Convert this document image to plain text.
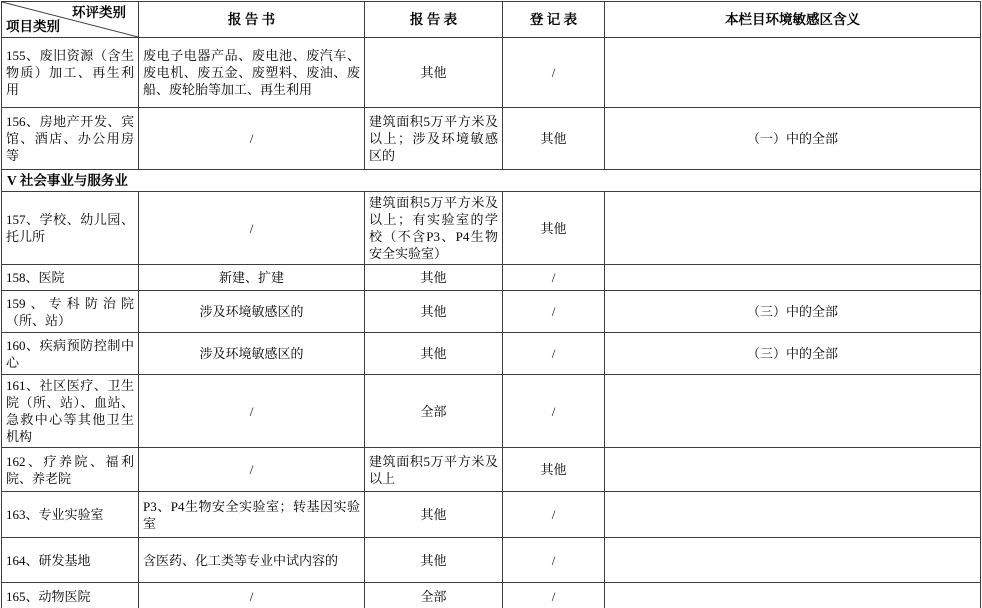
环评类别
项目类别	报 告 书	报 告 表	登 记 表	本栏目环境敏感区含义
155、废旧资源（含生物质）加工、再生利用	废电子电器产品、废电池、废汽车、废电机、废五金、废塑料、废油、废船、废轮胎等加工、再生利用	其他	/	
156、房地产开发、宾馆、酒店、办公用房等	/	建筑面积5万平方米及以上；涉及环境敏感区的	其他	（一）中的全部
V 社会事业与服务业				
157、学校、幼儿园、托儿所	/	建筑面积5万平方米及以上；有实验室的学校（不含P3、P4生物安全实验室）	其他	
158、医院	新建、扩建	其他	/	
159、专科防治院（所、站）	涉及环境敏感区的	其他	/	（三）中的全部
160、疾病预防控制中心	涉及环境敏感区的	其他	/	（三）中的全部
161、社区医疗、卫生院（所、站）、血站、急救中心等其他卫生机构	/	全部	/	
162、疗养院、福利院、养老院	/	建筑面积5万平方米及以上	其他	
163、专业实验室	P3、P4生物安全实验室；转基因实验室	其他	/	
164、研发基地	含医药、化工类等专业中试内容的	其他	/	
165、动物医院	/	全部	/	
